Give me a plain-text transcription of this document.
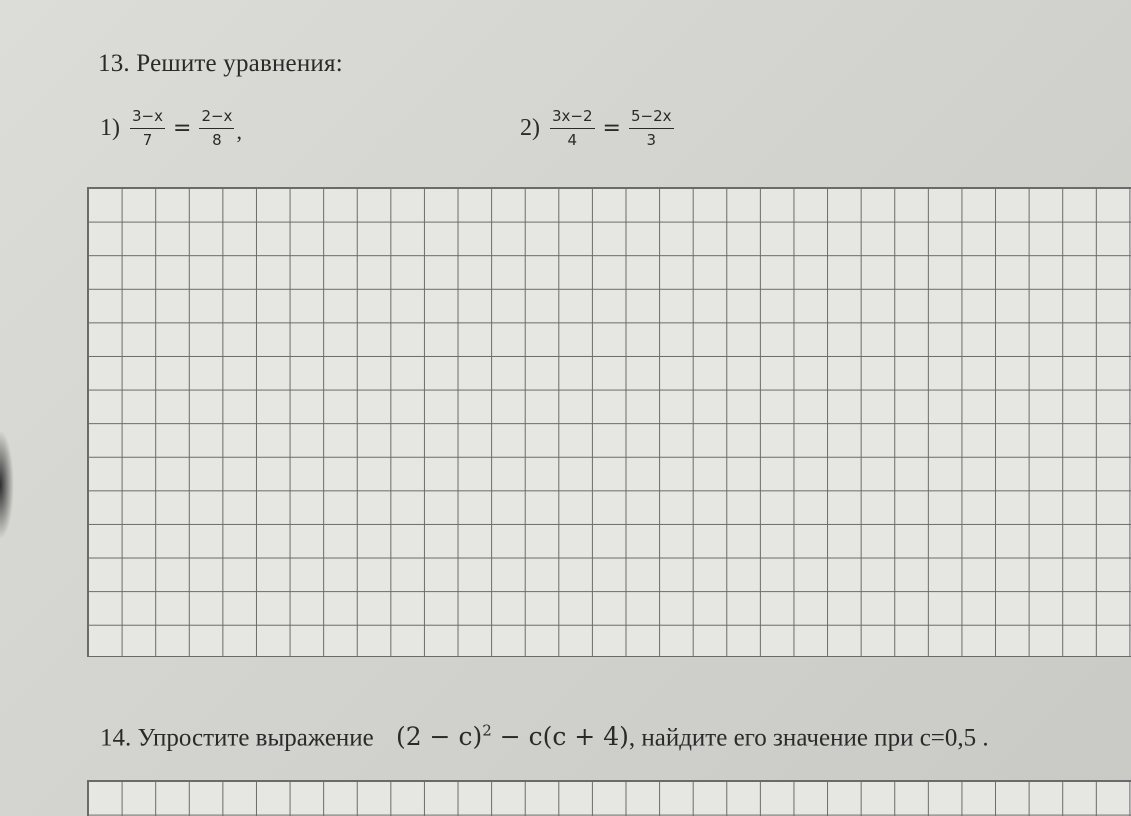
13. Решите уравнения:
$1) \frac{3-x}{7} = \frac{2-x}{8}$ ,	$2) \frac{3x-2}{4} = \frac{5-2x}{3}$
14. Упростите выражение $(2 - c)^2 - c(c + 4)$, найдите его значение при c=0,5 .
